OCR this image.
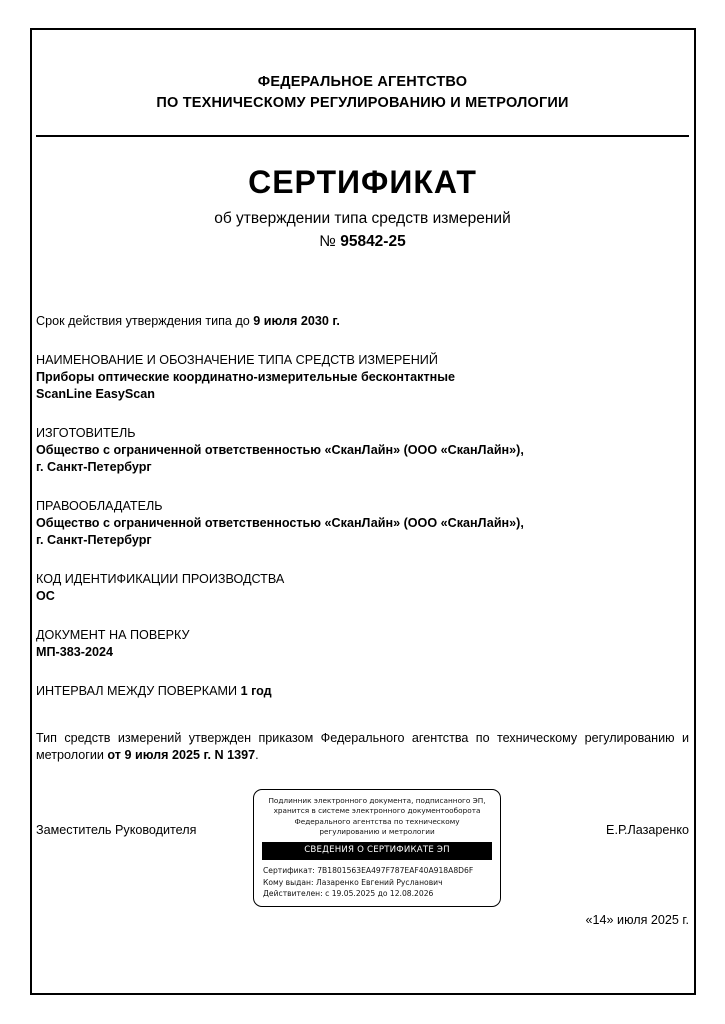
ФЕДЕРАЛЬНОЕ АГЕНТСТВО
ПО ТЕХНИЧЕСКОМУ РЕГУЛИРОВАНИЮ И МЕТРОЛОГИИ
СЕРТИФИКАТ
об утверждении типа средств измерений
№ 95842-25
Срок действия утверждения типа до 9 июля 2030 г.
НАИМЕНОВАНИЕ И ОБОЗНАЧЕНИЕ ТИПА СРЕДСТВ ИЗМЕРЕНИЙ
Приборы оптические координатно-измерительные бесконтактные
ScanLine EasyScan
ИЗГОТОВИТЕЛЬ
Общество с ограниченной ответственностью «СканЛайн» (ООО «СканЛайн»),
г. Санкт-Петербург
ПРАВООБЛАДАТЕЛЬ
Общество с ограниченной ответственностью «СканЛайн» (ООО «СканЛайн»),
г. Санкт-Петербург
КОД ИДЕНТИФИКАЦИИ ПРОИЗВОДСТВА
ОС
ДОКУМЕНТ НА ПОВЕРКУ
МП-383-2024
ИНТЕРВАЛ МЕЖДУ ПОВЕРКАМИ 1 год
Тип средств измерений утвержден приказом Федерального агентства по техническому регулированию и метрологии от 9 июля 2025 г. N 1397.
Заместитель Руководителя
Подлинник электронного документа, подписанного ЭП,
хранится в системе электронного документооборота
Федерального агентства по техническому
регулированию и метрологии
СВЕДЕНИЯ О СЕРТИФИКАТЕ ЭП
Сертификат: 7B1801563EA497F787EAF40A918A8D6F
Кому выдан: Лазаренко Евгений Русланович
Действителен: с 19.05.2025 до 12.08.2026
Е.Р.Лазаренко
«14» июля 2025 г.
